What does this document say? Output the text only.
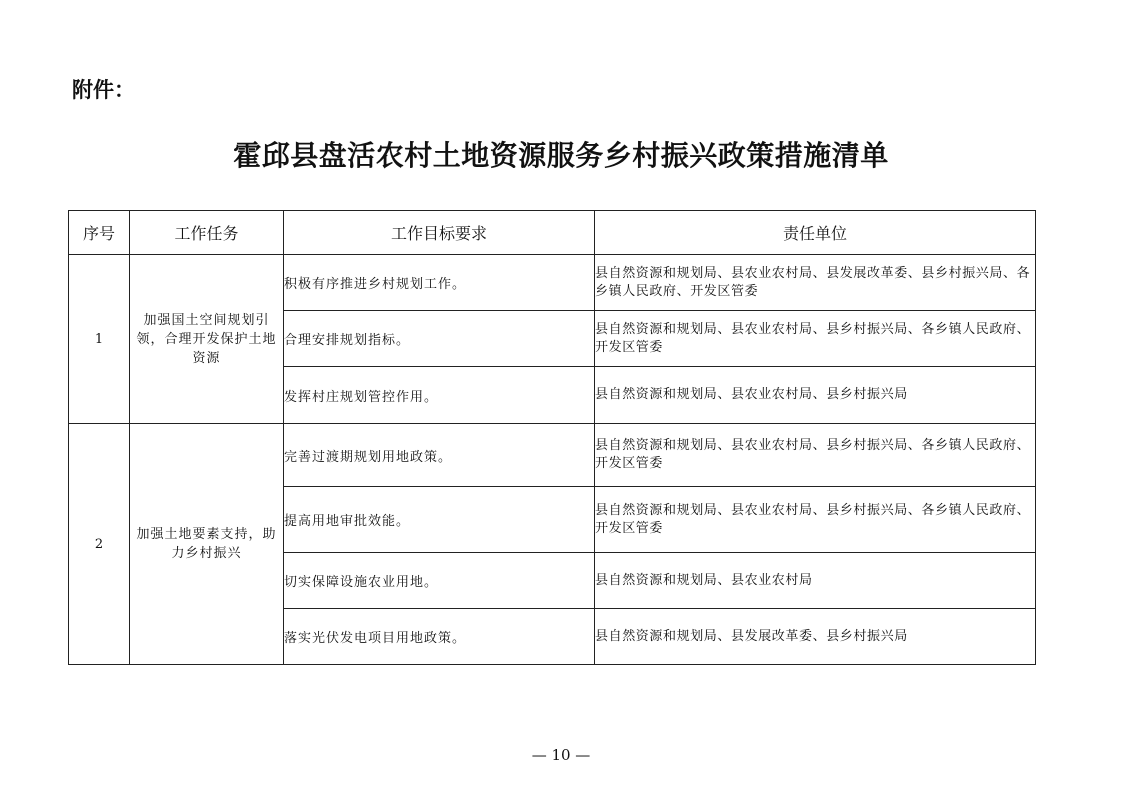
附件：
霍邱县盘活农村土地资源服务乡村振兴政策措施清单
序号	工作任务	工作目标要求	责任单位
1	加强国土空间规划引领，合理开发保护土地资源	积极有序推进乡村规划工作。	县自然资源和规划局、县农业农村局、县发展改革委、县乡村振兴局、各乡镇人民政府、开发区管委
		合理安排规划指标。	县自然资源和规划局、县农业农村局、县乡村振兴局、各乡镇人民政府、开发区管委
		发挥村庄规划管控作用。	县自然资源和规划局、县农业农村局、县乡村振兴局
2	加强土地要素支持，助力乡村振兴	完善过渡期规划用地政策。	县自然资源和规划局、县农业农村局、县乡村振兴局、各乡镇人民政府、开发区管委
		提高用地审批效能。	县自然资源和规划局、县农业农村局、县乡村振兴局、各乡镇人民政府、开发区管委
		切实保障设施农业用地。	县自然资源和规划局、县农业农村局
		落实光伏发电项目用地政策。	县自然资源和规划局、县发展改革委、县乡村振兴局
— 10 —
